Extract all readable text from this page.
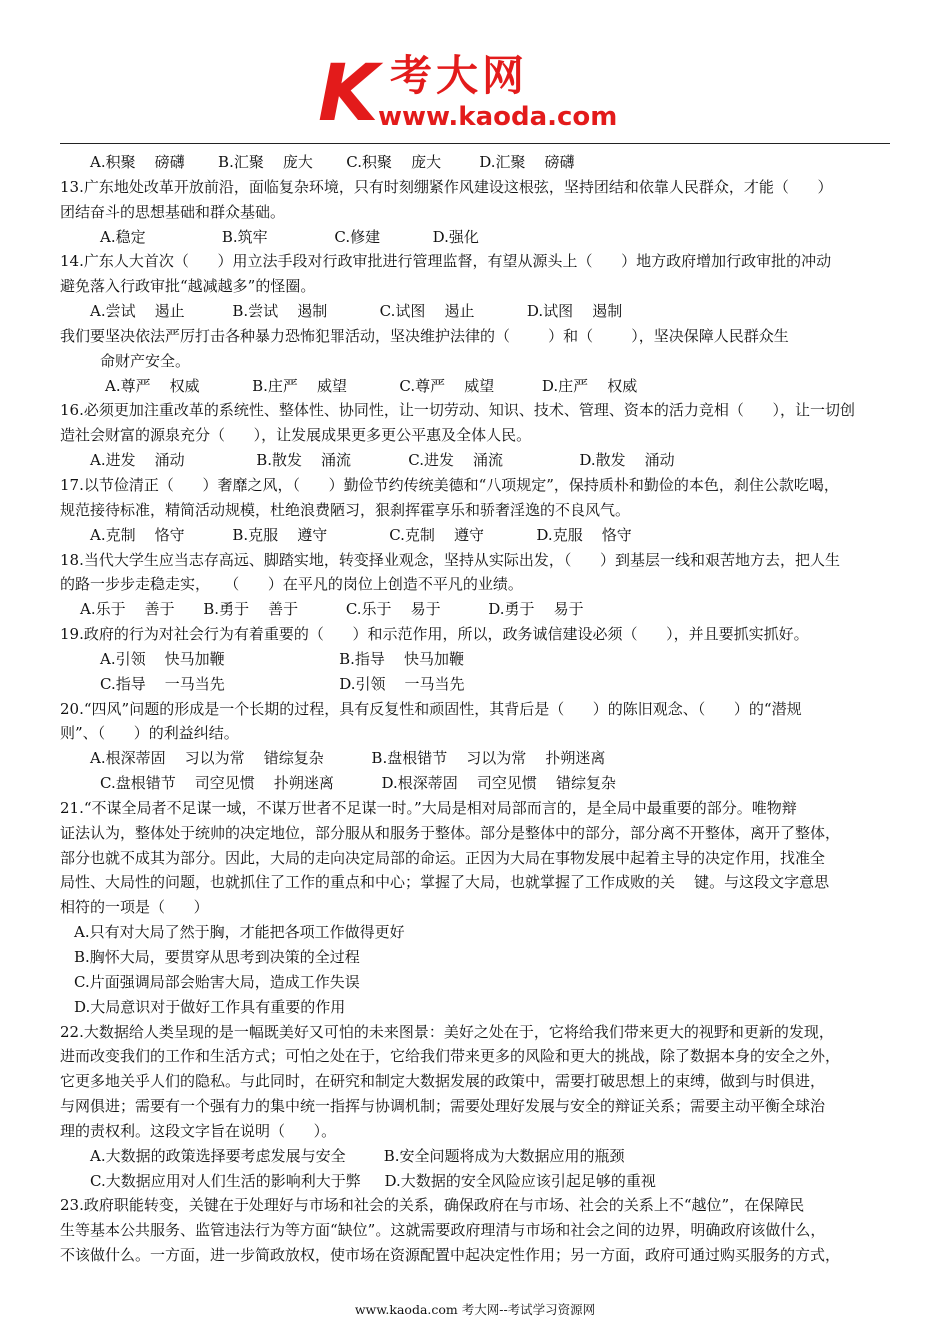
K 考大网
www.kaoda.com
A.积聚    磅礴       B.汇聚    庞大       C.积聚    庞大        D.汇聚    磅礴
13.广东地处改革开放前沿，面临复杂环境，只有时刻绷紧作风建设这根弦，坚持团结和依靠人民群众，才能（      ）
团结奋斗的思想基础和群众基础。
A.稳定                B.筑牢              C.修建           D.强化
14.广东人大首次（      ）用立法手段对行政审批进行管理监督，有望从源头上（      ）地方政府增加行政审批的冲动
避免落入行政审批“越减越多”的怪圈。
A.尝试    遏止          B.尝试    遏制           C.试图    遏止           D.试图    遏制
我们要坚决依法严厉打击各种暴力恐怖犯罪活动，坚决维护法律的（        ）和（        ），坚决保障人民群众生
命财产安全。
A.尊严    权威           B.庄严    威望           C.尊严    威望          D.庄严    权威
16.必须更加注重改革的系统性、整体性、协同性，让一切劳动、知识、技术、管理、资本的活力竞相（      ），让一切创
造社会财富的源泉充分（      ），让发展成果更多更公平惠及全体人民。
A.进发    涌动               B.散发    涌流            C.进发    涌流                D.散发    涌动
17.以节俭清正（      ）奢靡之风，（      ）勤俭节约传统美德和“八项规定”，保持质朴和勤俭的本色，刹住公款吃喝，
规范接待标准，精简活动规模，杜绝浪费陋习，狠刹挥霍享乐和骄奢淫逸的不良风气。
A.克制    恪守          B.克服    遵守             C.克制    遵守           D.克服    恪守
18.当代大学生应当志存高远、脚踏实地，转变择业观念，坚持从实际出发，（      ）到基层一线和艰苦地方去，把人生
的路一步步走稳走实，   （      ）在平凡的岗位上创造不平凡的业绩。
A.乐于    善于      B.勇于    善于          C.乐于    易于          D.勇于    易于
19.政府的行为对社会行为有着重要的（      ）和示范作用，所以，政务诚信建设必须（      ），并且要抓实抓好。
A.引领    快马加鞭                        B.指导    快马加鞭
C.指导    一马当先                        D.引领    一马当先
20.“四风”问题的形成是一个长期的过程，具有反复性和顽固性，其背后是（      ）的陈旧观念、（      ）的“潜规
则”、（      ）的利益纠结。
A.根深蒂固    习以为常    错综复杂          B.盘根错节    习以为常    扑朔迷离
C.盘根错节    司空见惯    扑朔迷离          D.根深蒂固    司空见惯    错综复杂
21.“不谋全局者不足谋一域，不谋万世者不足谋一时。”大局是相对局部而言的，是全局中最重要的部分。唯物辩
证法认为，整体处于统帅的决定地位，部分服从和服务于整体。部分是整体中的部分，部分离不开整体，离开了整体，
部分也就不成其为部分。因此，大局的走向决定局部的命运。正因为大局在事物发展中起着主导的决定作用，找准全
局性、大局性的问题，也就抓住了工作的重点和中心；掌握了大局，也就掌握了工作成败的关    键。与这段文字意思
相符的一项是（      ）
A.只有对大局了然于胸，才能把各项工作做得更好
B.胸怀大局，要贯穿从思考到决策的全过程
C.片面强调局部会贻害大局，造成工作失误
D.大局意识对于做好工作具有重要的作用
22.大数据给人类呈现的是一幅既美好又可怕的未来图景：美好之处在于，它将给我们带来更大的视野和更新的发现，
进而改变我们的工作和生活方式；可怕之处在于，它给我们带来更多的风险和更大的挑战，除了数据本身的安全之外，
它更多地关乎人们的隐私。与此同时，在研究和制定大数据发展的政策中，需要打破思想上的束缚，做到与时俱进，
与网俱进；需要有一个强有力的集中统一指挥与协调机制；需要处理好发展与安全的辩证关系；需要主动平衡全球治
理的责权利。这段文字旨在说明（      ）。
A.大数据的政策选择要考虑发展与安全        B.安全问题将成为大数据应用的瓶颈
C.大数据应用对人们生活的影响利大于弊     D.大数据的安全风险应该引起足够的重视
23.政府职能转变，关键在于处理好与市场和社会的关系，确保政府在与市场、社会的关系上不“越位”，在保障民
生等基本公共服务、监管违法行为等方面“缺位”。这就需要政府理清与市场和社会之间的边界，明确政府该做什么，
不该做什么。一方面，进一步简政放权，使市场在资源配置中起决定性作用；另一方面，政府可通过购买服务的方式，
www.kaoda.com 考大网--考试学习资源网
